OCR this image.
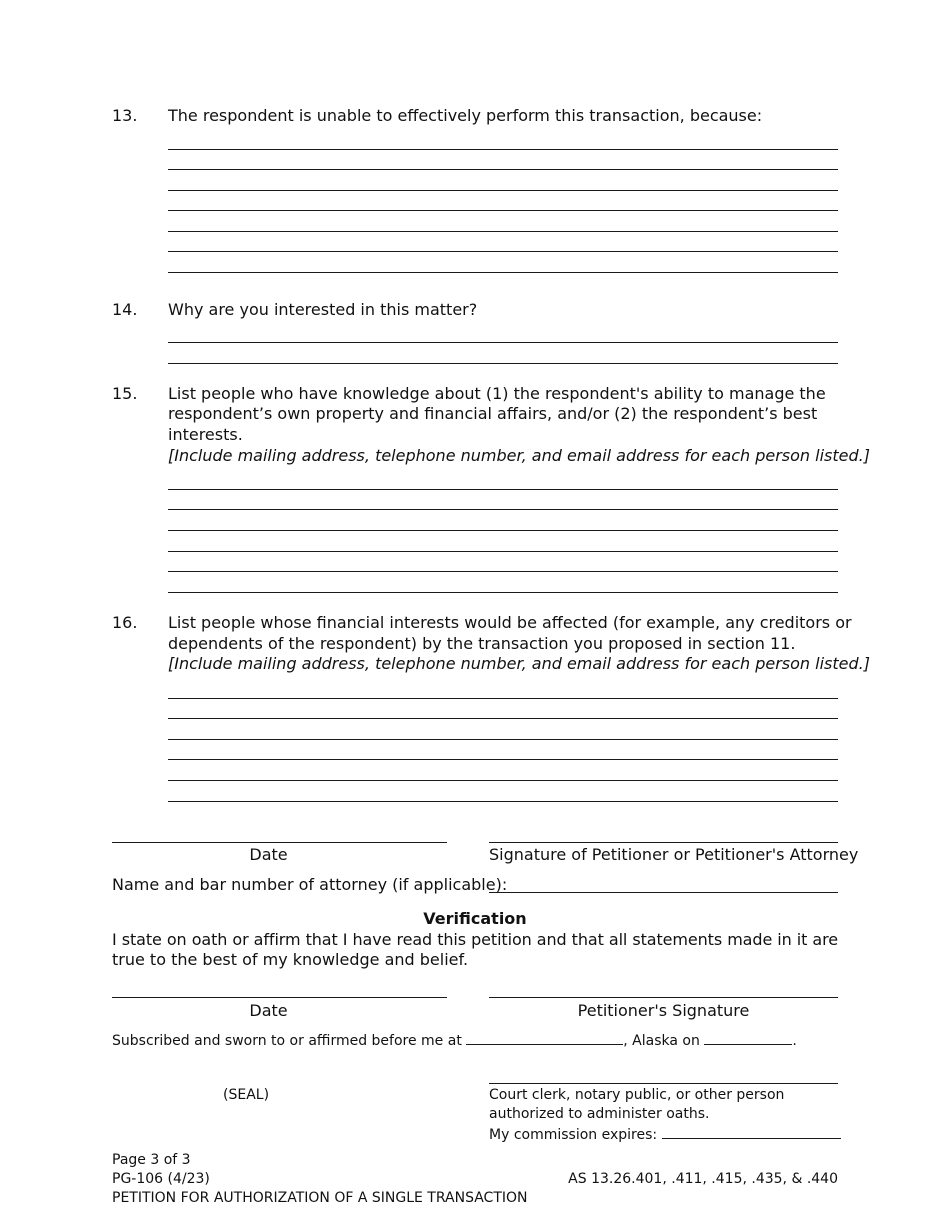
13. The respondent is unable to effectively perform this transaction, because:
14. Why are you interested in this matter?
15. List people who have knowledge about (1) the respondent's ability to manage the
respondent’s own property and financial affairs, and/or (2) the respondent’s best
interests.
[Include mailing address, telephone number, and email address for each person listed.]
16. List people whose financial interests would be affected (for example, any creditors or
dependents of the respondent) by the transaction you proposed in section 11.
[Include mailing address, telephone number, and email address for each person listed.]
Date	Signature of Petitioner or Petitioner's Attorney
Name and bar number of attorney (if applicable):
Verification
I state on oath or affirm that I have read this petition and that all statements made in it are
true to the best of my knowledge and belief.
Date	Petitioner's Signature
Subscribed and sworn to or affirmed before me at	, Alaska on	.
(SEAL)	Court clerk, notary public, or other person
authorized to administer oaths.
My commission expires:
Page 3 of 3
PG-106 (4/23)	AS 13.26.401, .411, .415, .435, & .440
PETITION FOR AUTHORIZATION OF A SINGLE TRANSACTION
